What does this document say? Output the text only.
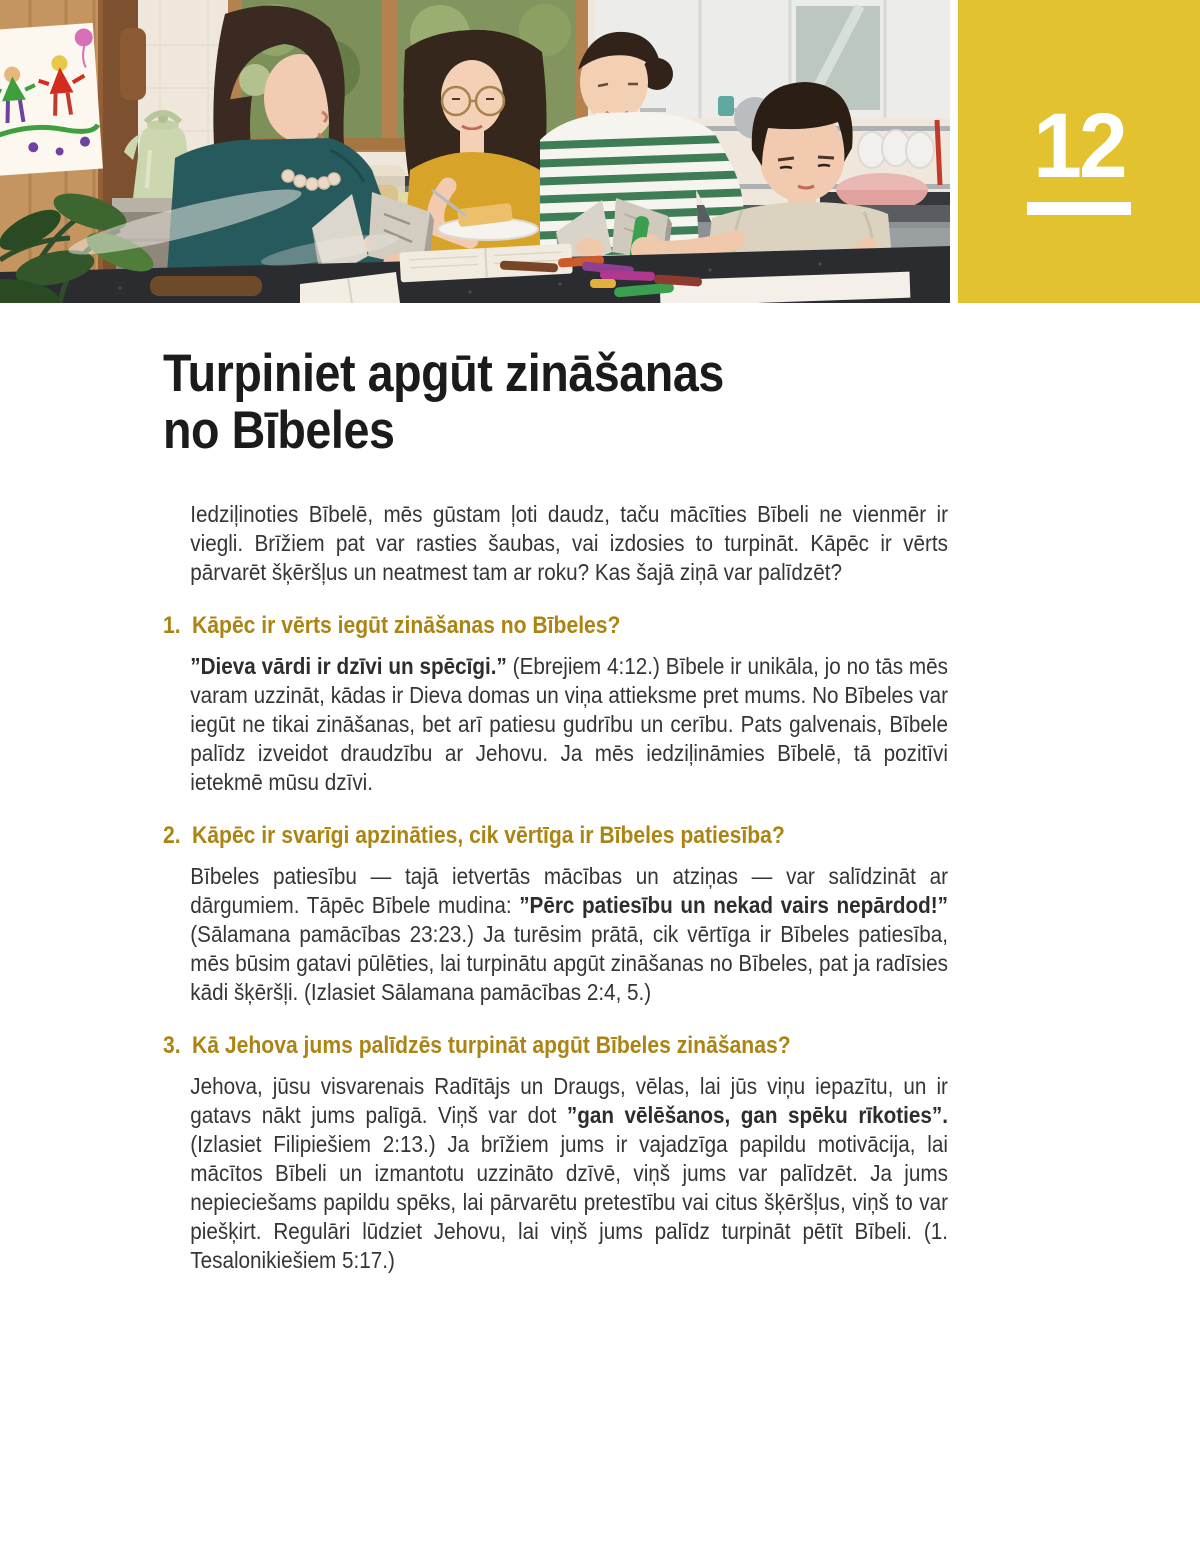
12
Turpiniet apgūt zināšanas
no Bībeles

Iedziļinoties Bībelē, mēs gūstam ļoti daudz, taču mācīties Bībeli ne vienmēr ir viegli. Brīžiem pat var rasties šaubas, vai izdosies to turpināt. Kāpēc ir vērts pārvarēt šķēršļus un neatmest tam ar roku? Kas šajā ziņā var palīdzēt?

1. Kāpēc ir vērts iegūt zināšanas no Bībeles?

”Dieva vārdi ir dzīvi un spēcīgi.” (Ebrejiem 4:12.) Bībele ir unikāla, jo no tās mēs varam uzzināt, kādas ir Dieva domas un viņa attieksme pret mums. No Bībeles var iegūt ne tikai zināšanas, bet arī patiesu gudrību un cerību. Pats galvenais, Bībele palīdz izveidot draudzību ar Jehovu. Ja mēs iedziļināmies Bībelē, tā pozitīvi ietekmē mūsu dzīvi.

2. Kāpēc ir svarīgi apzināties, cik vērtīga ir Bībeles patiesība?

Bībeles patiesību — tajā ietvertās mācības un atziņas — var salīdzināt ar dārgumiem. Tāpēc Bībele mudina: ”Pērc patiesību un nekad vairs nepārdod!” (Sālamana pamācības 23:23.) Ja turēsim prātā, cik vērtīga ir Bībeles patiesība, mēs būsim gatavi pūlēties, lai turpinātu apgūt zināšanas no Bībeles, pat ja radīsies kādi šķēršļi. (Izlasiet Sālamana pamācības 2:4, 5.)

3. Kā Jehova jums palīdzēs turpināt apgūt Bībeles zināšanas?

Jehova, jūsu visvarenais Radītājs un Draugs, vēlas, lai jūs viņu iepazītu, un ir gatavs nākt jums palīgā. Viņš var dot ”gan vēlēšanos, gan spēku rīkoties”. (Izlasiet Filipiešiem 2:13.) Ja brīžiem jums ir vajadzīga papildu motivācija, lai mācītos Bībeli un izmantotu uzzināto dzīvē, viņš jums var palīdzēt. Ja jums nepieciešams papildu spēks, lai pārvarētu pretestību vai citus šķēršļus, viņš to var piešķirt. Regulāri lūdziet Jehovu, lai viņš jums palīdz turpināt pētīt Bībeli. (1. Tesalonikiešiem 5:17.)
